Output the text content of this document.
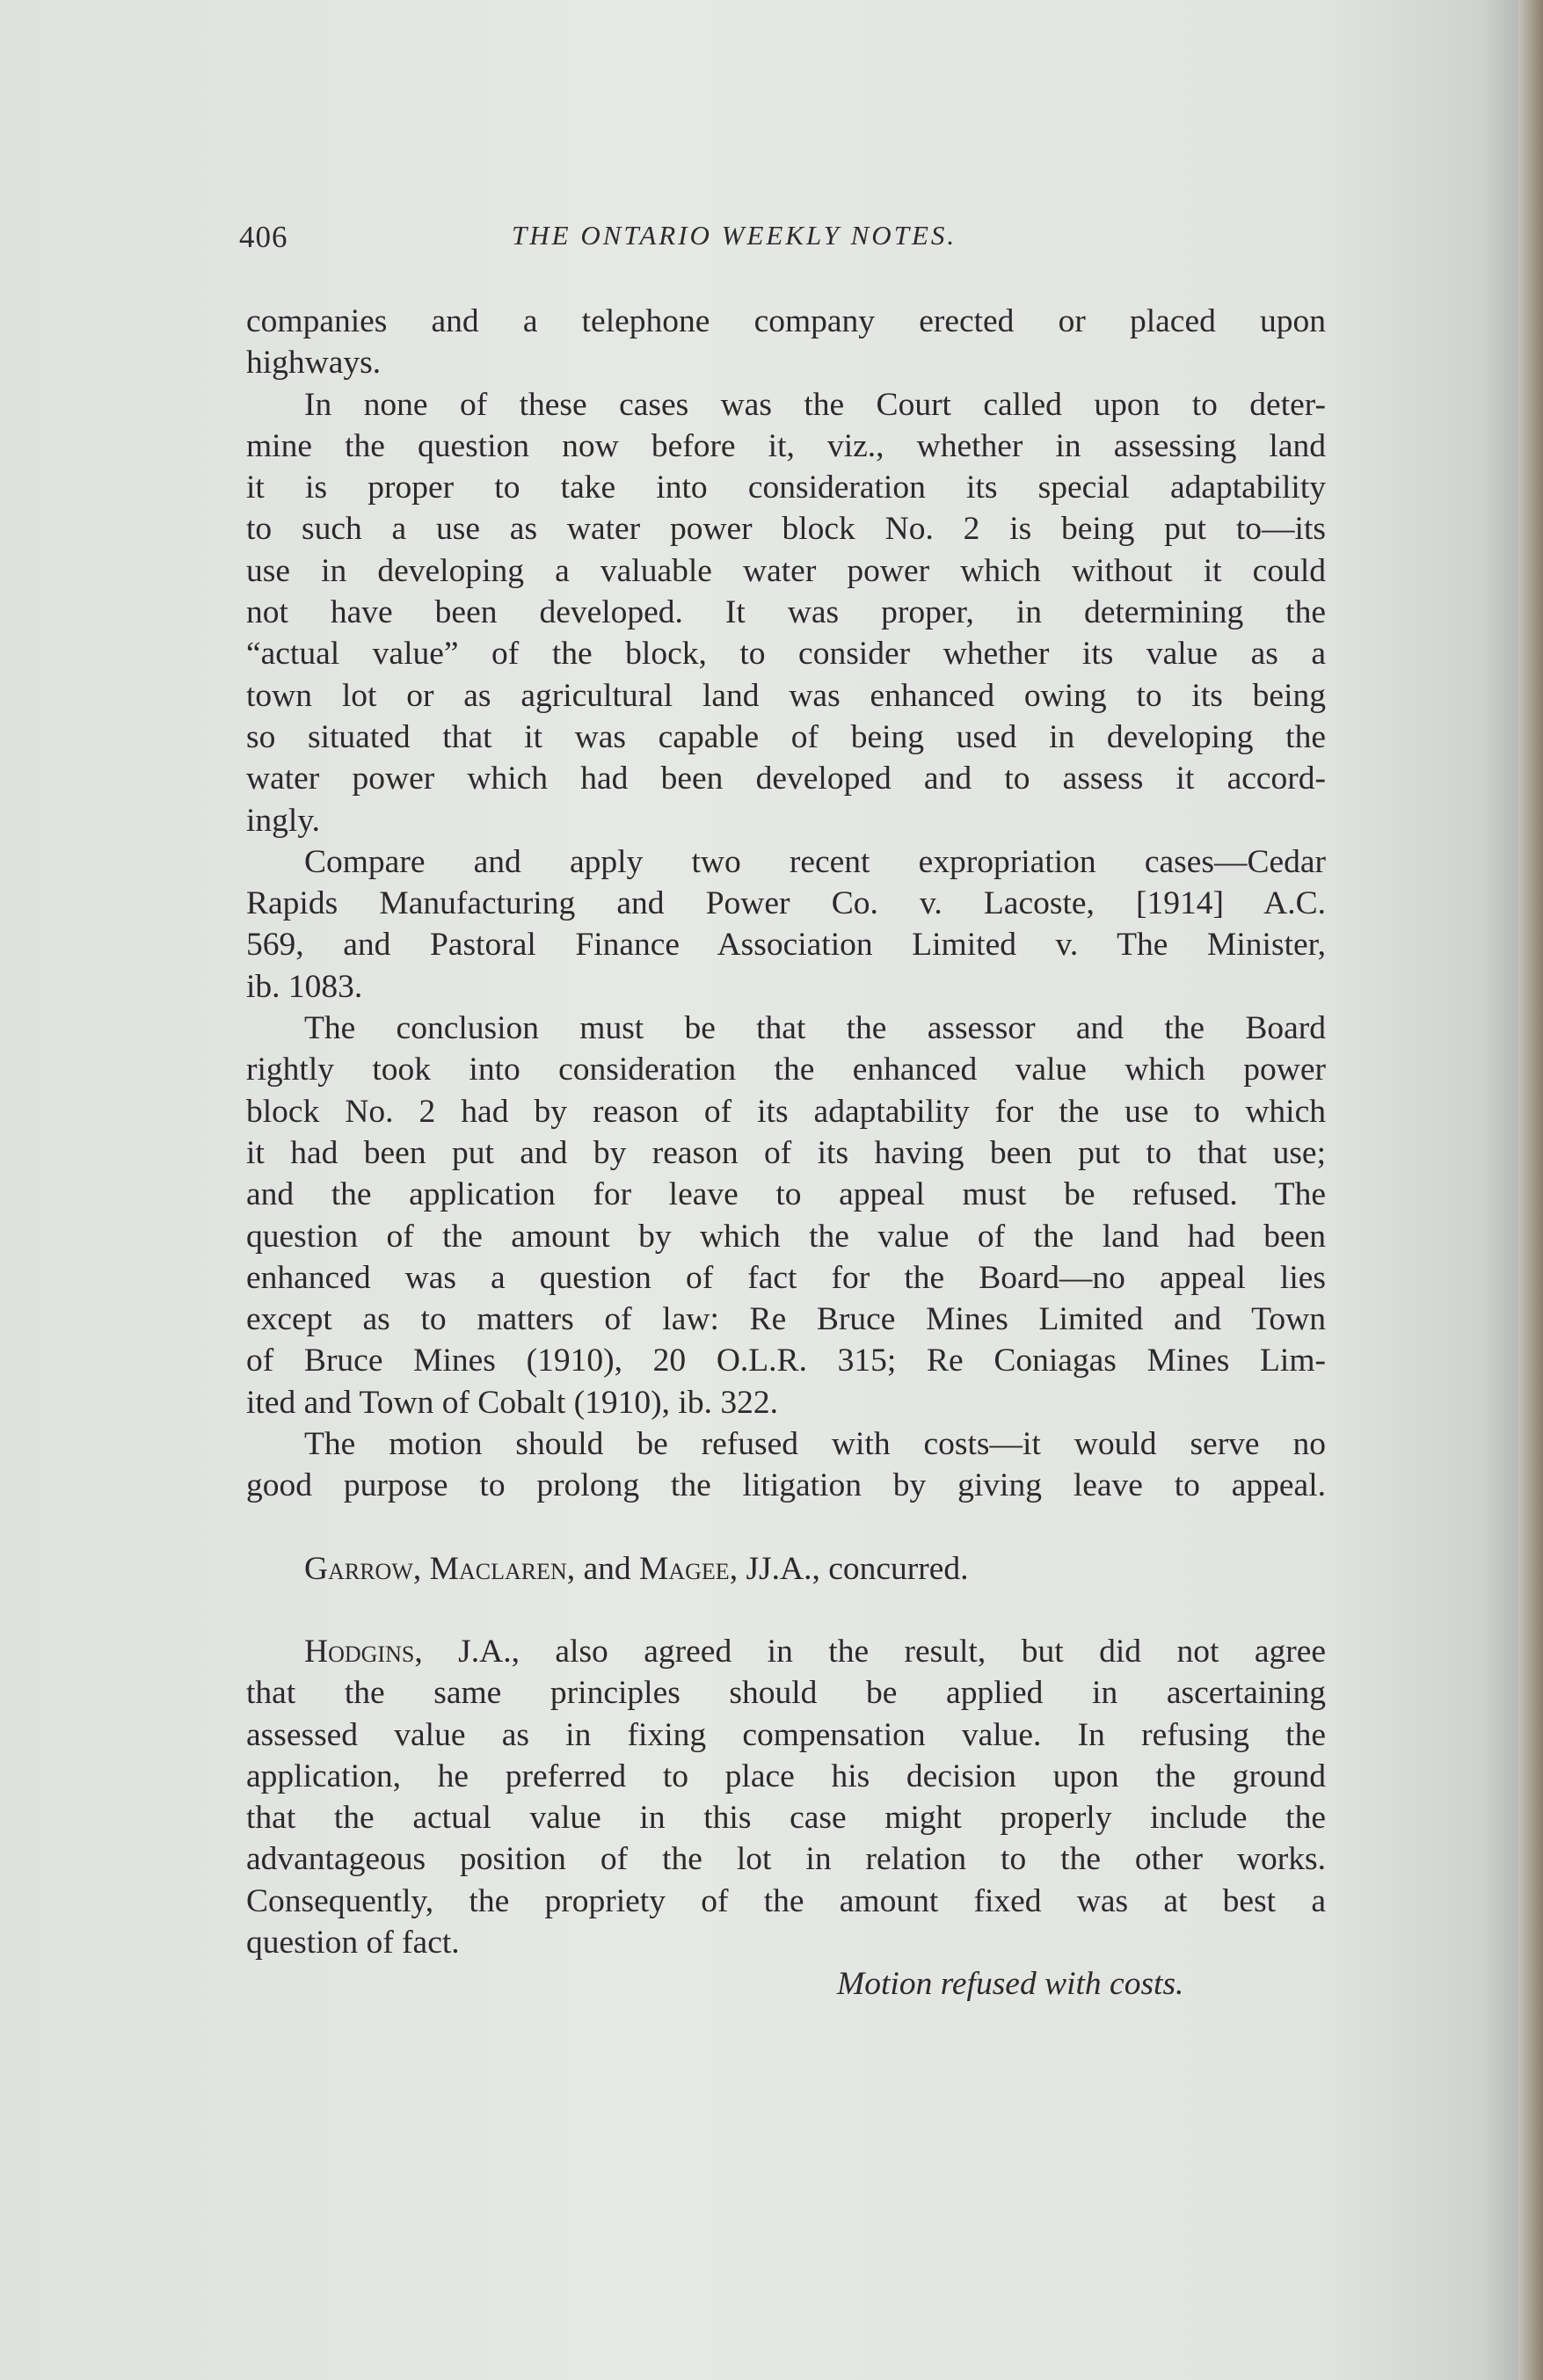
406	THE ONTARIO WEEKLY NOTES.
companies and a telephone company erected or placed upon
highways.
In none of these cases was the Court called upon to deter-
mine the question now before it, viz., whether in assessing land
it is proper to take into consideration its special adaptability
to such a use as water power block No. 2 is being put to—its
use in developing a valuable water power which without it could
not have been developed. It was proper, in determining the
“actual value” of the block, to consider whether its value as a
town lot or as agricultural land was enhanced owing to its being
so situated that it was capable of being used in developing the
water power which had been developed and to assess it accord-
ingly.
Compare and apply two recent expropriation cases—Cedar
Rapids Manufacturing and Power Co. v. Lacoste, [1914] A.C.
569, and Pastoral Finance Association Limited v. The Minister,
ib. 1083.
The conclusion must be that the assessor and the Board
rightly took into consideration the enhanced value which power
block No. 2 had by reason of its adaptability for the use to which
it had been put and by reason of its having been put to that use;
and the application for leave to appeal must be refused. The
question of the amount by which the value of the land had been
enhanced was a question of fact for the Board—no appeal lies
except as to matters of law: Re Bruce Mines Limited and Town
of Bruce Mines (1910), 20 O.L.R. 315; Re Coniagas Mines Lim-
ited and Town of Cobalt (1910), ib. 322.
The motion should be refused with costs—it would serve no
good purpose to prolong the litigation by giving leave to appeal.
Garrow, Maclaren, and Magee, JJ.A., concurred.
Hodgins, J.A., also agreed in the result, but did not agree
that the same principles should be applied in ascertaining
assessed value as in fixing compensation value. In refusing the
application, he preferred to place his decision upon the ground
that the actual value in this case might properly include the
advantageous position of the lot in relation to the other works.
Consequently, the propriety of the amount fixed was at best a
question of fact.
Motion refused with costs.
